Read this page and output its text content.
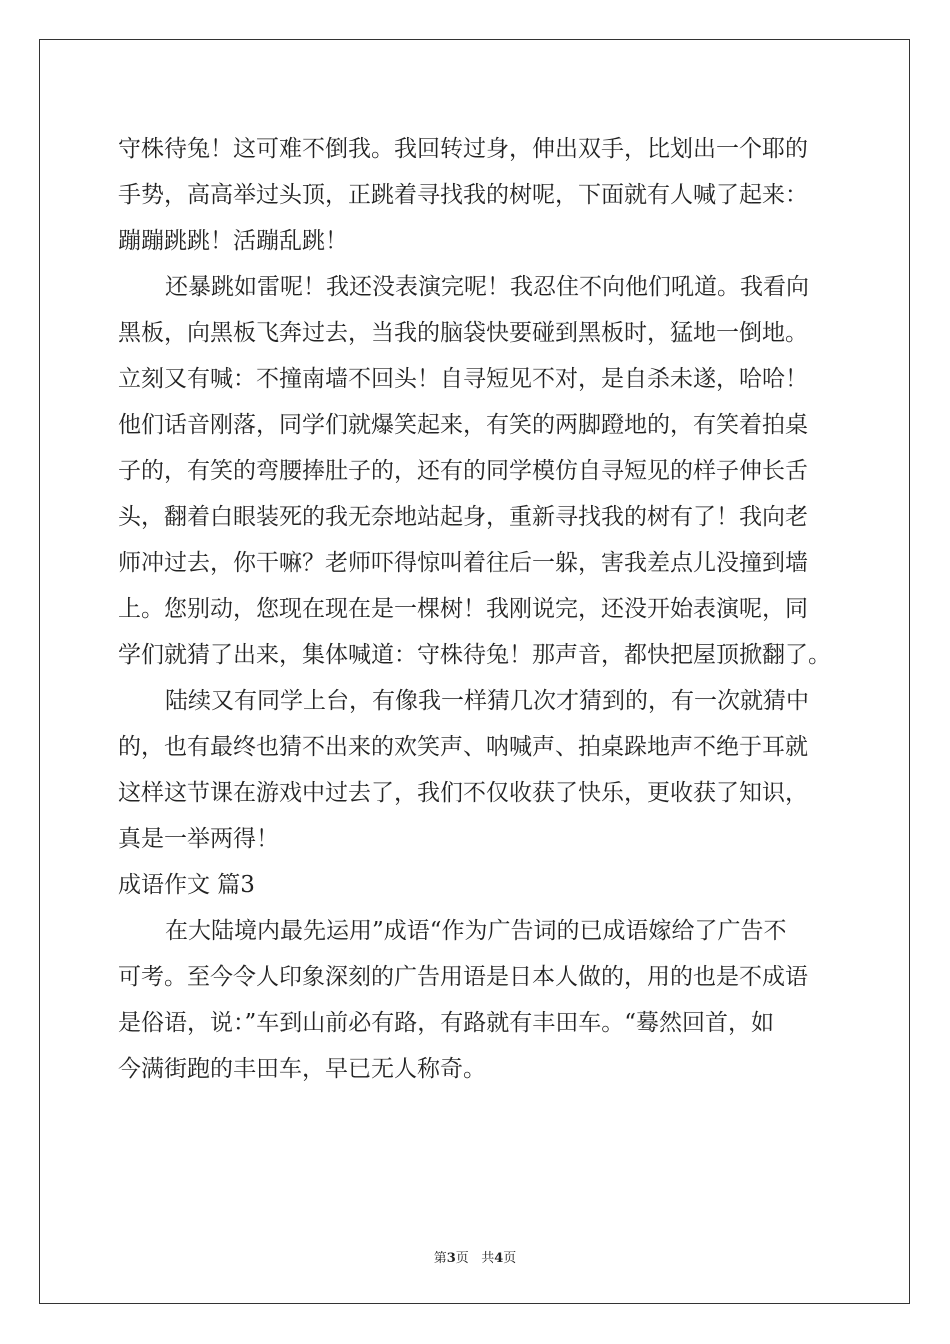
守株待兔！这可难不倒我。我回转过身，伸出双手，比划出一个耶的
手势，高高举过头顶，正跳着寻找我的树呢，下面就有人喊了起来：
蹦蹦跳跳！活蹦乱跳！
还暴跳如雷呢！我还没表演完呢！我忍住不向他们吼道。我看向
黑板，向黑板飞奔过去，当我的脑袋快要碰到黑板时，猛地一倒地。
立刻又有喊：不撞南墙不回头！自寻短见不对，是自杀未遂，哈哈！
他们话音刚落，同学们就爆笑起来，有笑的两脚蹬地的，有笑着拍桌
子的，有笑的弯腰捧肚子的，还有的同学模仿自寻短见的样子伸长舌
头，翻着白眼装死的我无奈地站起身，重新寻找我的树有了！我向老
师冲过去，你干嘛？老师吓得惊叫着往后一躲，害我差点儿没撞到墙
上。您别动，您现在现在是一棵树！我刚说完，还没开始表演呢，同
学们就猜了出来，集体喊道：守株待兔！那声音，都快把屋顶掀翻了。
陆续又有同学上台，有像我一样猜几次才猜到的，有一次就猜中
的，也有最终也猜不出来的欢笑声、呐喊声、拍桌跺地声不绝于耳就
这样这节课在游戏中过去了，我们不仅收获了快乐，更收获了知识，
真是一举两得！
成语作文 篇3
在大陆境内最先运用”成语“作为广告词的已成语嫁给了广告不
可考。至今令人印象深刻的广告用语是日本人做的，用的也是不成语
是俗语，说：”车到山前必有路，有路就有丰田车。“蓦然回首，如
今满街跑的丰田车，早已无人称奇。
第3页   共4页
